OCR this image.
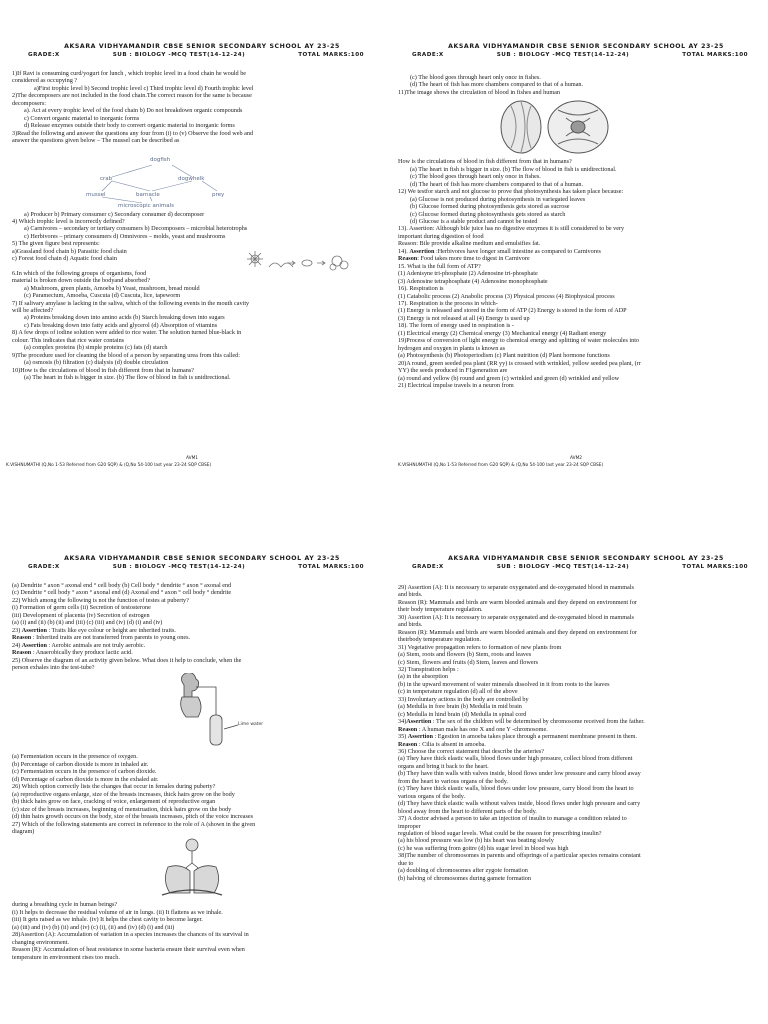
AKSARA VIDHYAMANDIR CBSE SENIOR SECONDARY SCHOOL AY 23-25
GRADE:X	SUB : BIOLOGY -MCQ TEST(14-12-24)	TOTAL MARKS:100
1)If Ravi is consuming curd/yogurt for lunch , which trophic level in a food chain he would be
considered as occupying ?
a)First trophic level b) Second trophic level c) Third trophic level d) Fourth trophic level
2)The decomposers are not included in the food chain.The correct reason for the same is because
decomposers:
a). Act at every trophic level of the food chain b) Do not breakdown organic compounds
c) Convert organic material to inorganic forms
d) Release enzymes outside their body to convert organic material to inorganic forms
3)Read the following and answer the questions any four from (i) to (v) Observe the food web and
answer the questions given below – The mussel can be described as
dogfish
crab	dogwhelk
mussel	barnacle	prey
microscopic animals
a) Producer b) Primary consumer c) Secondary consumer d) decomposer
4) Which trophic level is incorrectly defined?
a) Carnivores – secondary or tertiary consumers b) Decomposers – microbial heterotrophs
c) Herbivores – primary consumers d) Omnivores – molds, yeast and mushrooms
5) The given figure best represents:
a)Grassland food chain b) Parasitic food chain
c) Forest food chain d) Aquatic food chain
6.In which of the following groups of organisms, food
material is broken down outside the bodyand absorbed?
a) Mushroom, green plants, Amoeba b) Yeast, mushroom, bread mould
(c) Paramecium, Amoeba, Cuscuta (d) Cuscuta, lice, tapeworm
7) If salivary amylase is lacking in the saliva, which of the following events in the mouth cavity
will be affected?
a) Proteins breaking down into amino acids (b) Starch breaking down into sugars
c) Fats breaking down into fatty acids and glycerol (d) Absorption of vitamins
8) A few drops of iodine solution were added to rice water. The solution turned blue-black in
colour. This indicates that rice water contains
(a) complex proteins (b) simple proteins (c) fats (d) starch
9)The procedure used for cleaning the blood of a person by separating urea from this called:
(a) osmosis (b) filtration (c) dialysis (d) double circulation
10)How is the circulations of blood in fish different from that in humans?
(a) The heart in fish is bigger in size. (b) The flow of blood in fish is unidirectional.
AVM1
K.VISHNUMATHI (Q,No 1-53 Referred from G20 SQP) & (Q,No 54-100 last year 23-24 SQP CBSE)
AKSARA VIDHYAMANDIR CBSE SENIOR SECONDARY SCHOOL AY 23-25
GRADE:X	SUB : BIOLOGY -MCQ TEST(14-12-24)	TOTAL MARKS:100
(c) The blood goes through heart only once in fishes.
(d) The heart of fish has more chambers compared to that of a human.
11)The image shows the circulation of blood in fishes and human
How is the circulations of blood in fish different from that in humans?
(a) The heart in fish is bigger in size. (b) The flow of blood in fish is unidirectional.
(c) The blood goes through heart only once in fishes.
(d) The heart of fish has more chambers compared to that of a human.
12) We testfor starch and not glucose to prove that photosynthesis has taken place because:
(a) Glucose is not produced during photosynthesis in variegated leaves
(b) Glucose formed during photosynthesis gets stored as sucrose
(c) Glucose formed during photosynthesis gets stored as starch
(d) Glucose is a stable product and cannot be tested
13). Assertion: Although bile juice has no digestive enzymes it is still considered to be very
important during digestion of food
Reason: Bile provide alkaline medium and emulsifies fat.
14). Assertion :Herbivores have longer small intestine as compared to Carnivores
Reason: Food takes more time to digest in Carnivore
15. What is the full form of ATP?
(1) Adenisyne tri-phosphate (2) Adenosine tri-phosphate
(3) Adenosine tetraphosphate (4) Adenosine monophosphate
16). Respiration is
(1) Catabolic process (2) Anabolic process (3) Physical process (4) Biophysical process
17). Respiration is the process in which-
(1) Energy is released and stored in the form of ATP (2) Energy is stored in the form of ADP
(3) Energy is not released at all (4) Energy is used up
18). The form of energy used in respiration is -
(1) Electrical energy (2) Chemical energy (3) Mechanical energy (4) Radiant energy
19)Process of conversion of light energy to chemical energy and splitting of water molecules into
hydrogen and oxygen in plants is known as
(a) Photosynthesis (b) Photoperiodism (c) Plant nutrition (d) Plant hormone functions
20)A round, green seeded pea plant (RR yy) is crossed with wrinkled, yellow seeded pea plant, (rr
YY) the seeds produced in F1generation are
(a) round and yellow (b) round and green (c) wrinkled and green (d) wrinkled and yellow
21) Electrical impulse travels in a neuron from
AVM2
K.VISHNUMATHI (Q,No 1-53 Referred from G20 SQP) & (Q,No 54-100 last year 23-24 SQP CBSE)
AKSARA VIDHYAMANDIR CBSE SENIOR SECONDARY SCHOOL AY 23-25
GRADE:X	SUB : BIOLOGY -MCQ TEST(14-12-24)	TOTAL MARKS:100
(a) Dendrite ° axon ° axonal end ° cell body (b) Cell body ° dendrite ° axon ° axonal end
(c) Dendrite ° cell body ° axon ° axonal end (d) Axonal end ° axon ° cell body ° dendrite
22) Which among the following is not the function of testes at puberty?
(i) Formation of germ cells (ii) Secretion of testosterone
(iii) Development of placenta (iv) Secretion of estrogen
(a) (i) and (ii) (b) (ii) and (iii) (c) (iii) and (iv) (d) (i) and (iv)
23) Assertion : Traits like eye colour or height are inherited traits.
Reason : Inherited traits are not transferred from parents to young ones.
24) Assertion : Aerobic animals are not truly aerobic.
Reason : Anaerobically they produce lactic acid.
25) Observe the diagram of an activity given below. What does it help to conclude, when the
person exhales into the test-tube?
Lime water
(a) Fermentation occurs in the presence of oxygen.
(b) Percentage of carbon dioxide is more in inhaled air.
(c) Fermentation occurs in the presence of carbon dioxide.
(d) Percentage of carbon dioxide is more in the exhaled air.
26) Which option correctly lists the changes that occur in females during puberty?
(a) reproductive organs enlarge, size of the breasts increases, thick hairs grow on the body
(b) thick hairs grow on face, cracking of voice, enlargement of reproductive organ
(c) size of the breasts increases, beginning of menstruation, thick hairs grow on the body
(d) thin hairs growth occurs on the body, size of the breasts increases, pitch of the voice increases
27) Which of the following statements are correct in reference to the role of A (shown in the given
diagram)
during a breathing cycle in human beings?
(i) It helps to decrease the residual volume of air in lungs. (ii) It flattens as we inhale.
(iii) It gets raised as we inhale. (iv) It helps the chest cavity to become larger.
(a) (iii) and (iv) (b) (ii) and (iv) (c) (i), (ii) and (iv) (d) (i) and (iii)
28)Assertion (A): Accumulation of variation in a species increases the chances of its survival in
changing environment.
Reason (R): Accumulation of heat resistance in some bacteria ensure their survival even when
temperature in environment rises too much.
AKSARA VIDHYAMANDIR CBSE SENIOR SECONDARY SCHOOL AY 23-25
GRADE:X	SUB : BIOLOGY -MCQ TEST(14-12-24)	TOTAL MARKS:100
29) Assertion (A): It is necessary to separate oxygenated and de-oxygenated blood in mammals
and birds.
Reason (R): Mammals and birds are warm blooded animals and they depend on environment for
their body temperature regulation.
30) Assertion (A): It is necessary to separate oxygenated and de-oxygenated blood in mammals
and birds.
Reason (R): Mammals and birds are warm blooded animals and they depend on environment for
theirbody temperature regulation.
31) Vegetative propagation refers to formation of new plants from
(a) Stem, roots and flowers (b) Stem, roots and leaves
(c) Stem, flowers and fruits (d) Stem, leaves and flowers
32) Transpiration helps :
(a) in the absorption
(b) in the upward movement of water minerals dissolved in it from roots to the leaves
(c) in temperature regulation (d) all of the above
33) Involuntary actions in the body are controlled by
(a) Medulla in fore brain (b) Medulla in mid brain
(c) Medulla in hind brain (d) Medulla in spinal cord
34)Assertion : The sex of the children will be determined by chromosome received from the father.
Reason : A human male has one X and one Y -chromosome.
35) Assertion : Egestion in amoeba takes place through a permanent membrane present in them.
Reason : Cilia is absent in amoeba.
36) Choose the correct statement that describe the arteries?
(a) They have thick elastic walls, blood flows under high pressure, collect blood from different
organs and bring it back to the heart.
(b) They have thin walls with valves inside, blood flows under low pressure and carry blood away
from the heart to various organs of the body.
(c) They have thick elastic walls, blood flows under low pressure, carry blood from the heart to
various organs of the body.
(d) They have thick elastic walls without valves inside, blood flows under high pressure and carry
blood away from the heart to different parts of the body.
37) A doctor advised a person to take an injection of insulin to manage a condition related to
improper
regulation of blood sugar levels. What could be the reason for prescribing insulin?
(a) his blood pressure was low (b) his heart was beating slowly
(c) he was suffering from goitre (d) his sugar level in blood was high
38)The number of chromosomes in parents and offsprings of a particular species remains constant
due to
(a) doubling of chromosomes after zygote formation
(b) halving of chromosomes during gamete formation
